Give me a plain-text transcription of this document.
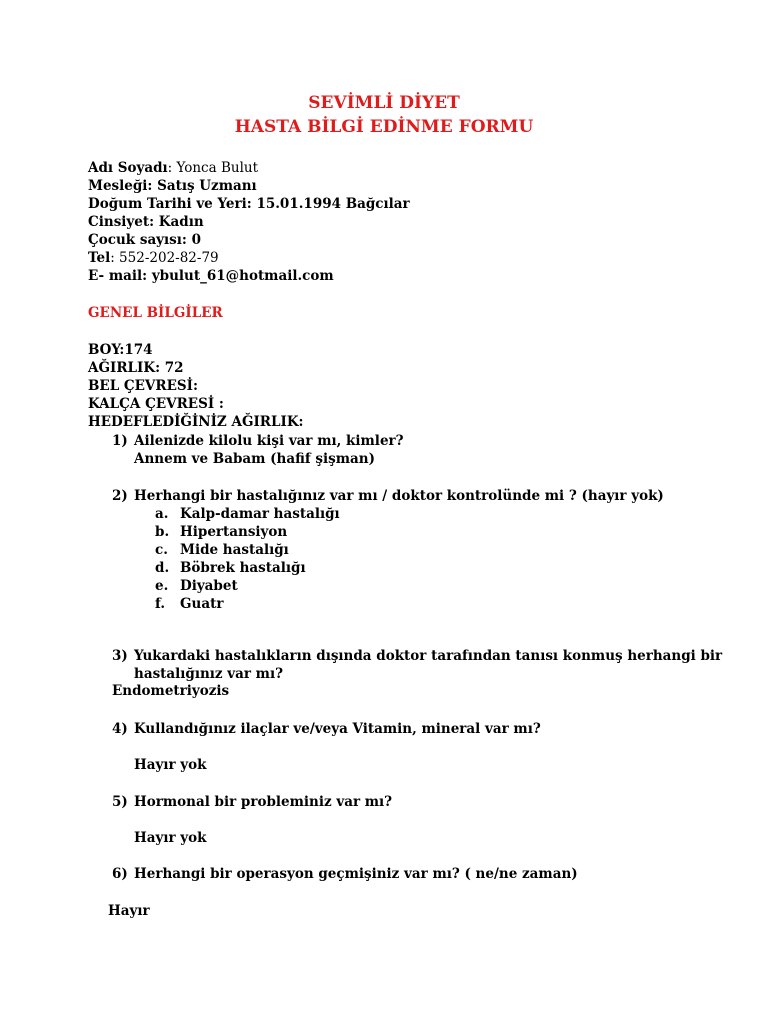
SEVİMLİ DİYET
HASTA BİLGİ EDİNME FORMU
Adı Soyadı: Yonca Bulut
Mesleği: Satış Uzmanı
Doğum Tarihi ve Yeri: 15.01.1994 Bağcılar
Cinsiyet: Kadın
Çocuk sayısı: 0
Tel: 552-202-82-79
E- mail: ybulut_61@hotmail.com
GENEL BİLGİLER
BOY:174
AĞIRLIK: 72
BEL ÇEVRESİ:
KALÇA ÇEVRESİ :
HEDEFLEDİĞİNİZ AĞIRLIK:
1) Ailenizde kilolu kişi var mı, kimler?
Annem ve Babam (hafif şişman)
2) Herhangi bir hastalığınız var mı / doktor kontrolünde mi ? (hayır yok)
a. Kalp-damar hastalığı
b. Hipertansiyon
c. Mide hastalığı
d. Böbrek hastalığı
e. Diyabet
f. Guatr
3) Yukardaki hastalıkların dışında doktor tarafından tanısı konmuş herhangi bir
hastalığınız var mı?
Endometriyozis
4) Kullandığınız ilaçlar ve/veya Vitamin, mineral var mı?
Hayır yok
5) Hormonal bir probleminiz var mı?
Hayır yok
6) Herhangi bir operasyon geçmişiniz var mı? ( ne/ne zaman)
Hayır
